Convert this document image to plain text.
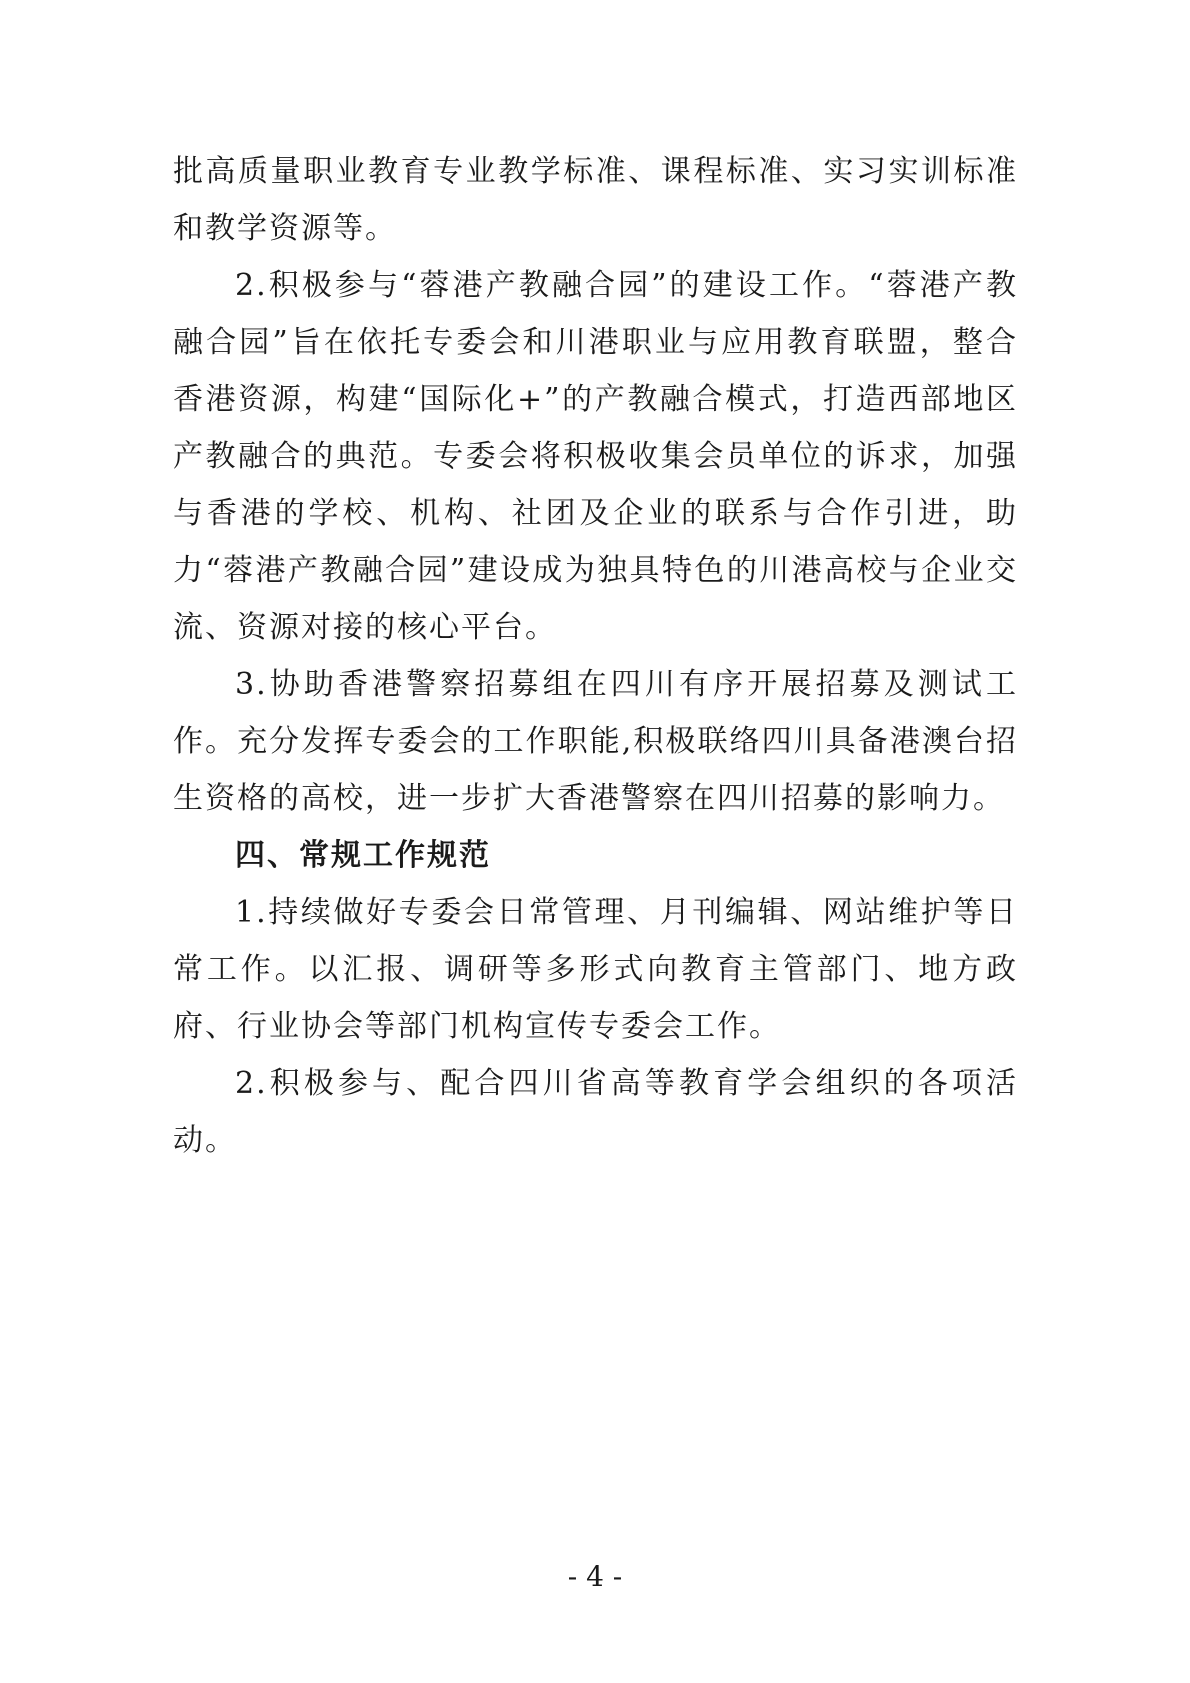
批高质量职业教育专业教学标准、课程标准、实习实训标准和教学资源等。

2.积极参与“蓉港产教融合园”的建设工作。“蓉港产教融合园”旨在依托专委会和川港职业与应用教育联盟，整合香港资源，构建“国际化+”的产教融合模式，打造西部地区产教融合的典范。专委会将积极收集会员单位的诉求，加强与香港的学校、机构、社团及企业的联系与合作引进，助力“蓉港产教融合园”建设成为独具特色的川港高校与企业交流、资源对接的核心平台。

3.协助香港警察招募组在四川有序开展招募及测试工作。充分发挥专委会的工作职能,积极联络四川具备港澳台招生资格的高校，进一步扩大香港警察在四川招募的影响力。

四、常规工作规范

1.持续做好专委会日常管理、月刊编辑、网站维护等日常工作。以汇报、调研等多形式向教育主管部门、地方政府、行业协会等部门机构宣传专委会工作。

2.积极参与、配合四川省高等教育学会组织的各项活动。

- 4 -
